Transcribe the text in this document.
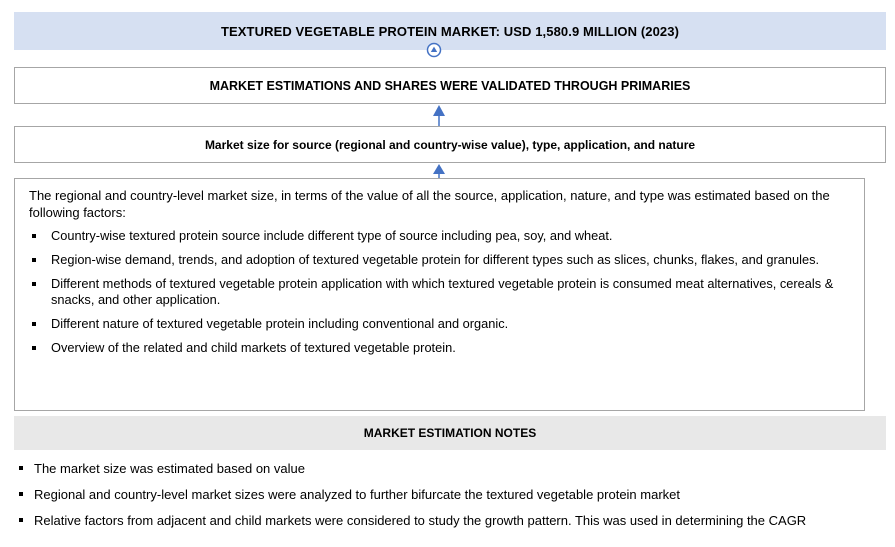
TEXTURED VEGETABLE PROTEIN MARKET: USD 1,580.9 MILLION (2023)
MARKET ESTIMATIONS AND SHARES WERE VALIDATED THROUGH PRIMARIES
Market size for source (regional and country-wise value), type, application, and nature

The regional and country-level market size, in terms of the value of all the source, application, nature, and type was estimated based on the following factors:

Country-wise textured protein source include different type of source including pea, soy, and wheat.
Region-wise demand, trends, and adoption of textured vegetable protein for different types such as slices, chunks, flakes, and granules.
Different methods of textured vegetable protein application with which textured vegetable protein is consumed meat alternatives, cereals & snacks, and other application.
Different nature of textured vegetable protein including conventional and organic.
Overview of the related and child markets of textured vegetable protein.
MARKET ESTIMATION NOTES
The market size was estimated based on value
Regional and country-level market sizes were analyzed to further bifurcate the textured vegetable protein market
Relative factors from adjacent and child markets were considered to study the growth pattern. This was used in determining the CAGR
